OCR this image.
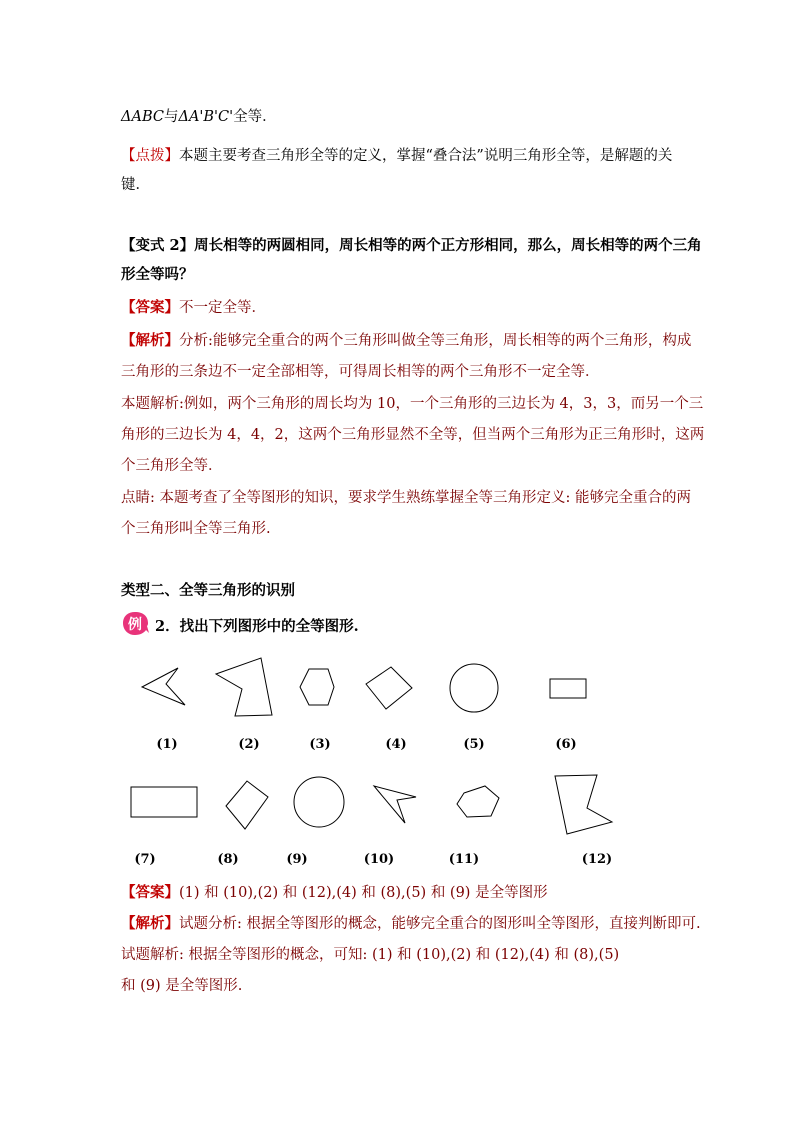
ΔABC与ΔA'B'C'全等．
【点拨】本题主要考查三角形全等的定义，掌握“叠合法”说明三角形全等，是解题的关
键．
【变式 2】周长相等的两圆相同，周长相等的两个正方形相同，那么，周长相等的两个三角
形全等吗？
【答案】不一定全等．
【解析】分析:能够完全重合的两个三角形叫做全等三角形，周长相等的两个三角形，构成
三角形的三条边不一定全部相等，可得周长相等的两个三角形不一定全等．
本题解析:例如，两个三角形的周长均为 10，一个三角形的三边长为 4，3，3，而另一个三
角形的三边长为 4，4，2，这两个三角形显然不全等，但当两个三角形为正三角形时，这两
个三角形全等．
点睛: 本题考查了全等图形的知识，要求学生熟练掌握全等三角形定义: 能够完全重合的两
个三角形叫全等三角形.
类型二、全等三角形的识别
例 2．找出下列图形中的全等图形.
(1)	(2)	(3)	(4)	(5)	(6)
(7)	(8)	(9)	(10)	(11)	(12)
【答案】(1) 和 (10),(2) 和 (12),(4) 和 (8),(5) 和 (9) 是全等图形
【解析】试题分析: 根据全等图形的概念，能够完全重合的图形叫全等图形，直接判断即可.
试题解析: 根据全等图形的概念，可知: (1) 和 (10),(2) 和 (12),(4) 和 (8),(5)
和 (9) 是全等图形.
